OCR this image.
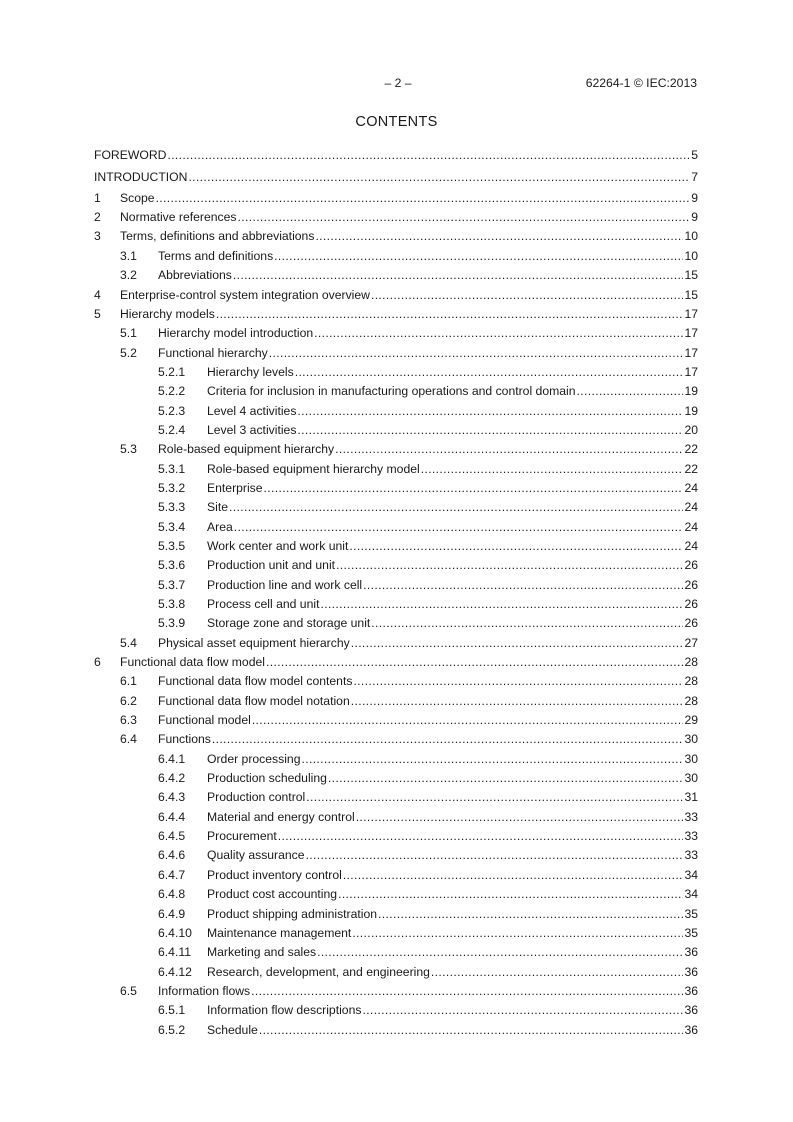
– 2 –	62264-1 © IEC:2013
CONTENTS
FOREWORD .....	5
INTRODUCTION .....	7
1	Scope .....	9
2	Normative references .....	9
3	Terms, definitions and abbreviations .....	10
3.1	Terms and definitions .....	10
3.2	Abbreviations .....	15
4	Enterprise-control system integration overview .....	15
5	Hierarchy models .....	17
5.1	Hierarchy model introduction .....	17
5.2	Functional hierarchy .....	17
5.2.1	Hierarchy levels .....	17
5.2.2	Criteria for inclusion in manufacturing operations and control domain .....	19
5.2.3	Level 4 activities .....	19
5.2.4	Level 3 activities .....	20
5.3	Role-based equipment hierarchy .....	22
5.3.1	Role-based equipment hierarchy model .....	22
5.3.2	Enterprise .....	24
5.3.3	Site .....	24
5.3.4	Area .....	24
5.3.5	Work center and work unit .....	24
5.3.6	Production unit and unit .....	26
5.3.7	Production line and work cell .....	26
5.3.8	Process cell and unit .....	26
5.3.9	Storage zone and storage unit .....	26
5.4	Physical asset equipment hierarchy .....	27
6	Functional data flow model .....	28
6.1	Functional data flow model contents .....	28
6.2	Functional data flow model notation .....	28
6.3	Functional model .....	29
6.4	Functions .....	30
6.4.1	Order processing .....	30
6.4.2	Production scheduling .....	30
6.4.3	Production control .....	31
6.4.4	Material and energy control .....	33
6.4.5	Procurement .....	33
6.4.6	Quality assurance .....	33
6.4.7	Product inventory control .....	34
6.4.8	Product cost accounting .....	34
6.4.9	Product shipping administration .....	35
6.4.10	Maintenance management .....	35
6.4.11	Marketing and sales .....	36
6.4.12	Research, development, and engineering .....	36
6.5	Information flows .....	36
6.5.1	Information flow descriptions .....	36
6.5.2	Schedule .....	36
